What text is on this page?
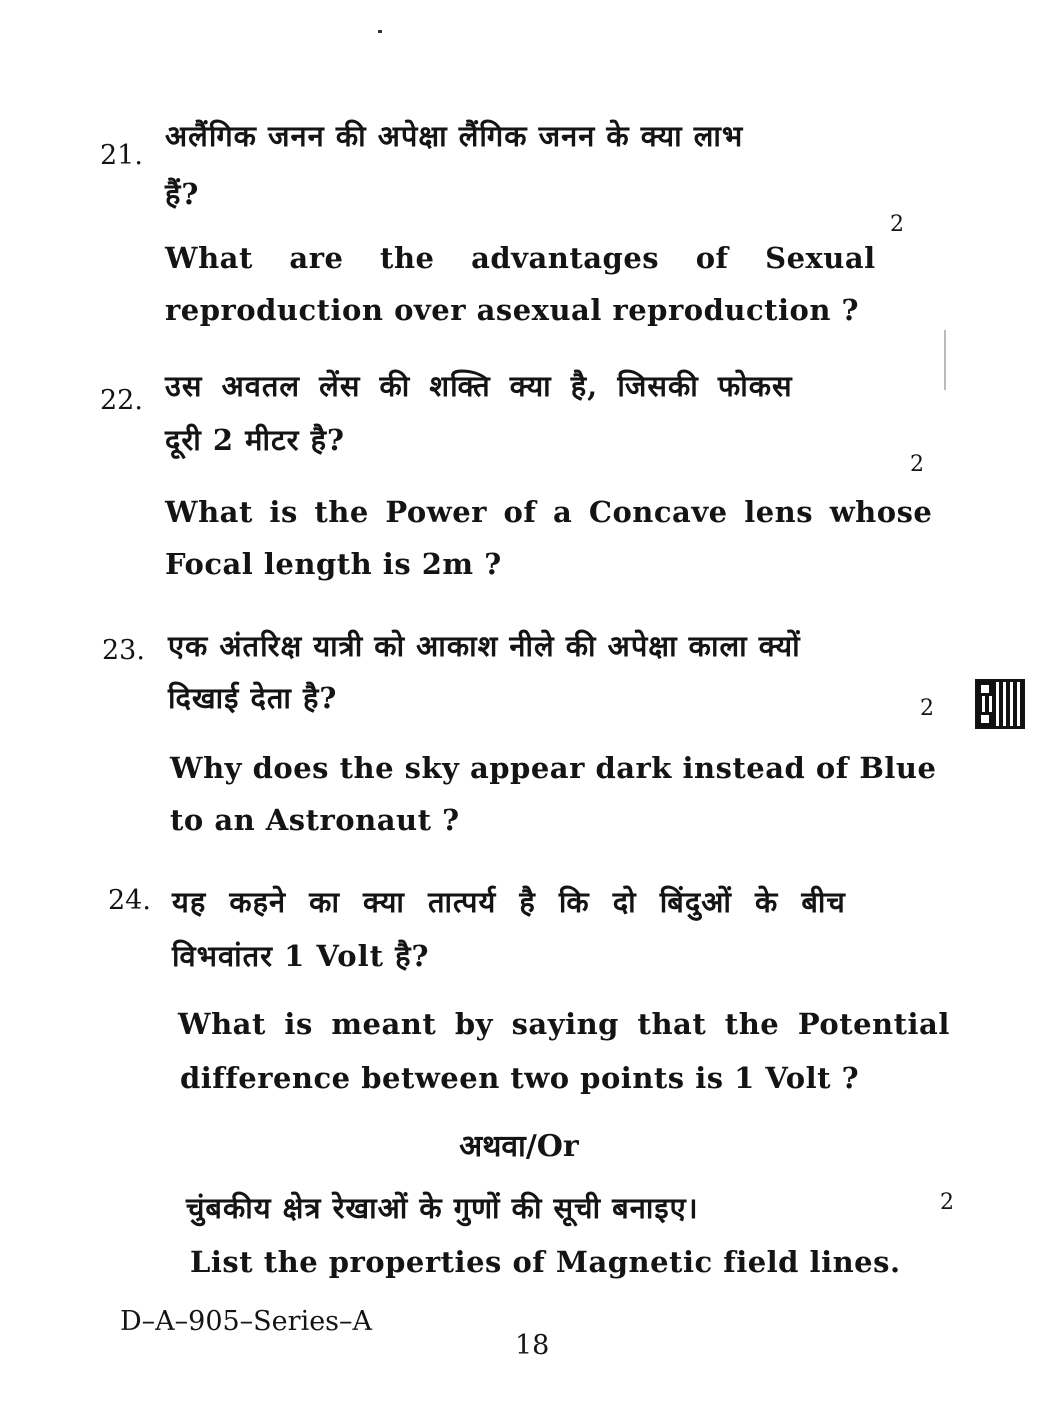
21.
अलैंगिक जनन की अपेक्षा लैंगिक जनन के क्या लाभ
हैं?
2
What are the advantages of Sexual
reproduction over asexual reproduction ?
22. उस अवतल लेंस की शक्ति क्या है, जिसकी फोकस
दूरी 2 मीटर है?
2
What is the Power of a Concave lens whose
Focal length is 2m ?
23. एक अंतरिक्ष यात्री को आकाश नीले की अपेक्षा काला क्यों
दिखाई देता है?	2
Why does the sky appear dark instead of Blue
to an Astronaut ?
24. यह कहने का क्या तात्पर्य है कि दो बिंदुओं के बीच
विभवांतर 1 Volt है?
What is meant by saying that the Potential
difference between two points is 1 Volt ?
अथवा/Or
चुंबकीय क्षेत्र रेखाओं के गुणों की सूची बनाइए।	2
List the properties of Magnetic field lines.
D–A–905–Series–A
18
